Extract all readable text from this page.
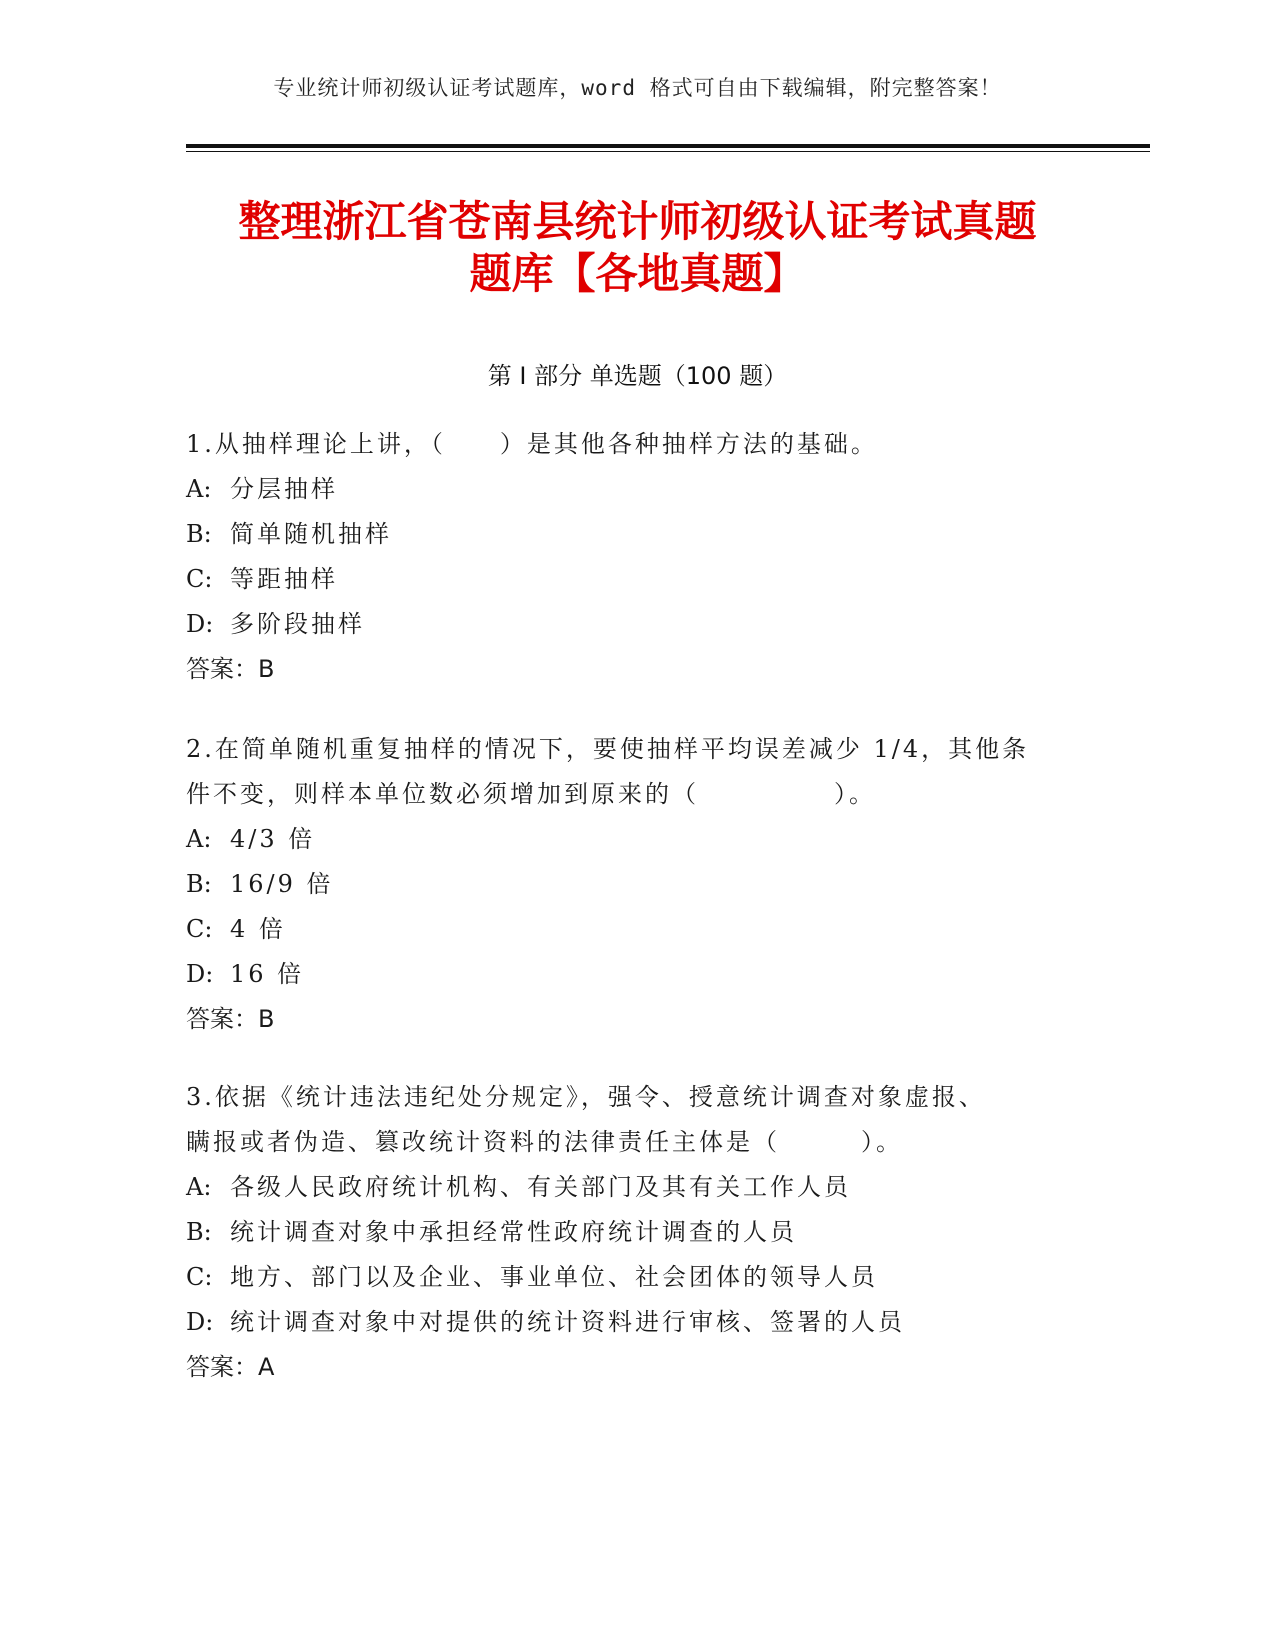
专业统计师初级认证考试题库，word 格式可自由下载编辑，附完整答案！
整理浙江省苍南县统计师初级认证考试真题
题库【各地真题】
第 I 部分 单选题（100 题）

1.从抽样理论上讲，（　　）是其他各种抽样方法的基础。

A: 分层抽样

B: 简单随机抽样

C: 等距抽样

D: 多阶段抽样

答案：B

2.在简单随机重复抽样的情况下，要使抽样平均误差减少 1/4，其他条

件不变，则样本单位数必须增加到原来的（　　　　　）。

A: 4/3 倍

B: 16/9 倍

C: 4 倍

D: 16 倍

答案：B

3.依据《统计违法违纪处分规定》，强令、授意统计调查对象虚报、

瞒报或者伪造、篡改统计资料的法律责任主体是（　　　）。

A: 各级人民政府统计机构、有关部门及其有关工作人员

B: 统计调查对象中承担经常性政府统计调查的人员

C: 地方、部门以及企业、事业单位、社会团体的领导人员

D: 统计调查对象中对提供的统计资料进行审核、签署的人员

答案：A
